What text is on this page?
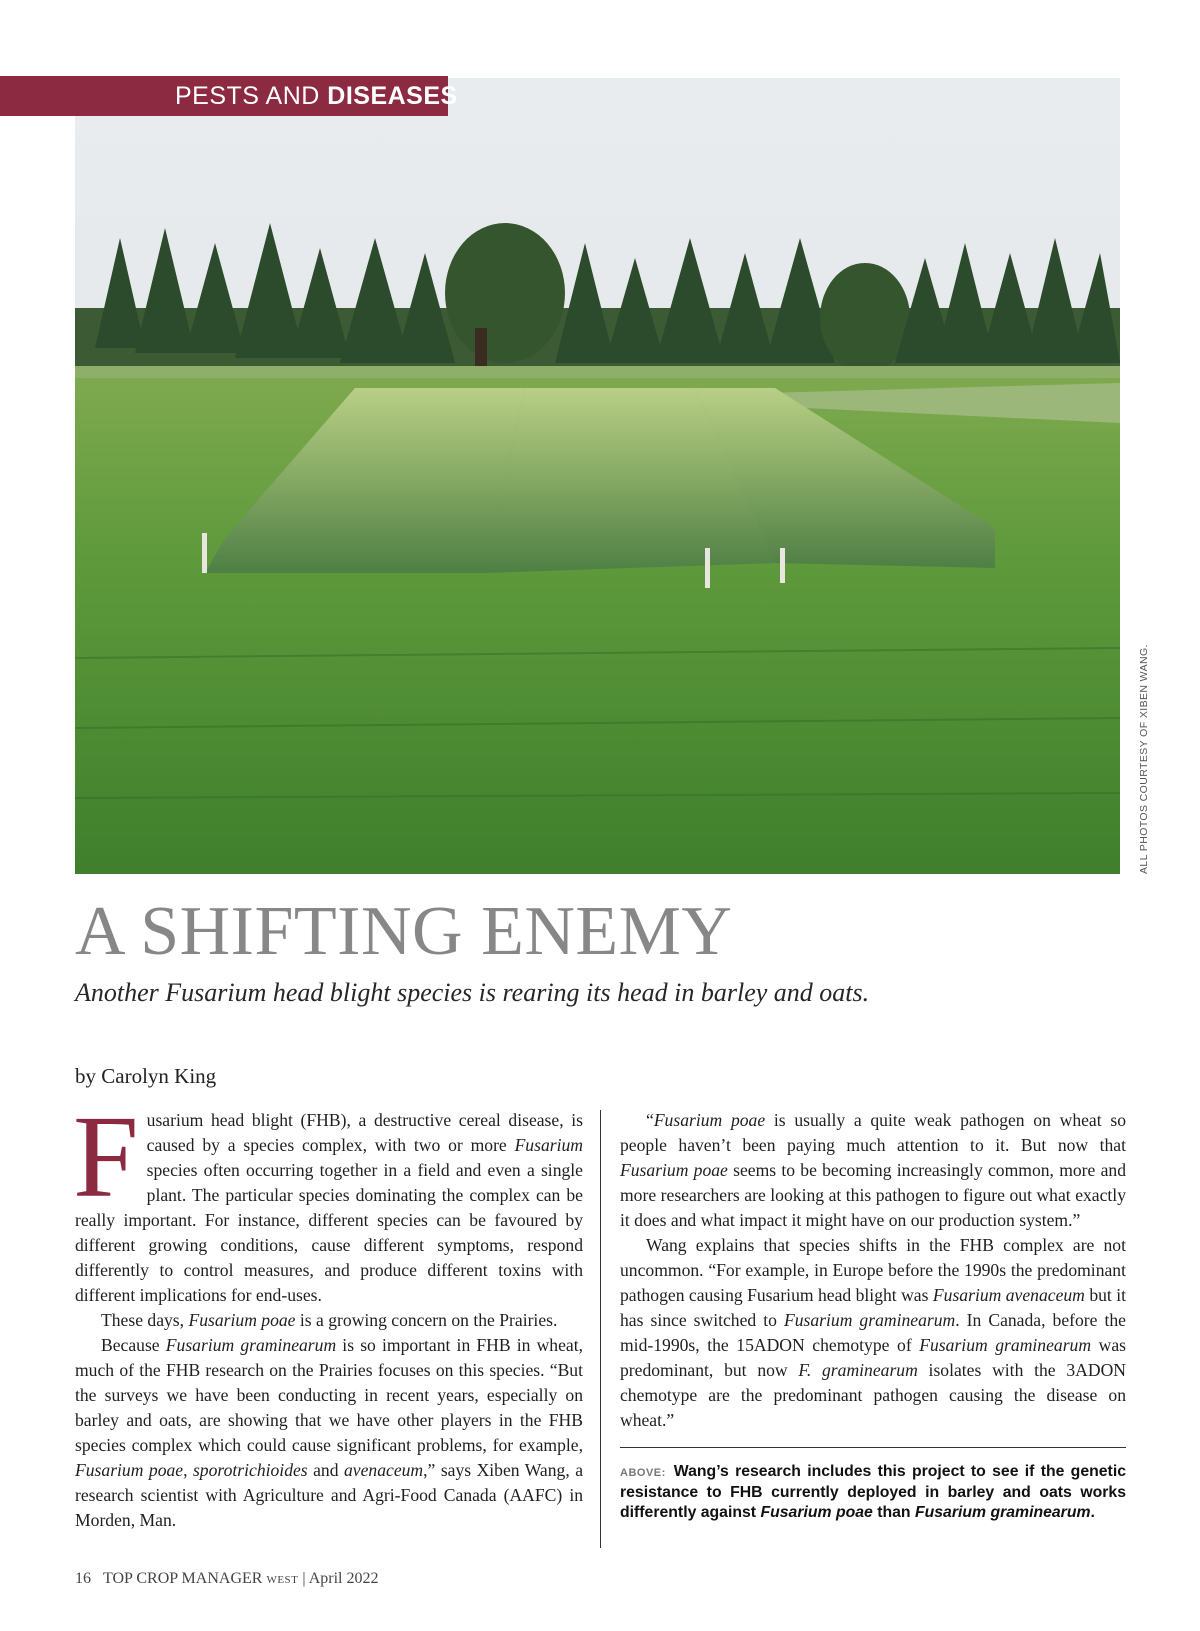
PESTS AND DISEASES
ALL PHOTOS COURTESY OF XIBEN WANG.
A SHIFTING ENEMY

Another Fusarium head blight species is rearing its head in barley and oats.

by Carolyn King

Fusarium head blight (FHB), a destructive cereal disease, is caused by a species complex, with two or more Fusarium species often occurring together in a field and even a single plant. The particular species dominating the complex can be really important. For instance, different species can be favoured by different growing conditions, cause different symptoms, respond differently to control measures, and produce different toxins with different implications for end-uses.

These days, Fusarium poae is a growing concern on the Prairies.

Because Fusarium graminearum is so important in FHB in wheat, much of the FHB research on the Prairies focuses on this species. “But the surveys we have been conducting in recent years, especially on barley and oats, are showing that we have other players in the FHB species complex which could cause significant problems, for example, Fusarium poae, sporotrichioides and avenaceum,” says Xiben Wang, a research scientist with Agriculture and Agri-Food Canada (AAFC) in Morden, Man.

“Fusarium poae is usually a quite weak pathogen on wheat so people haven’t been paying much attention to it. But now that Fusarium poae seems to be becoming increasingly common, more and more researchers are looking at this pathogen to figure out what exactly it does and what impact it might have on our production system.”

Wang explains that species shifts in the FHB complex are not uncommon. “For example, in Europe before the 1990s the predominant pathogen causing Fusarium head blight was Fusarium avenaceum but it has since switched to Fusarium graminearum. In Canada, before the mid-1990s, the 15ADON chemotype of Fusarium graminearum was predominant, but now F. graminearum isolates with the 3ADON chemotype are the predominant pathogen causing the disease on wheat.”

ABOVE: Wang’s research includes this project to see if the genetic resistance to FHB currently deployed in barley and oats works differently against Fusarium poae than Fusarium graminearum.
16 TOP CROP MANAGER WEST | April 2022
